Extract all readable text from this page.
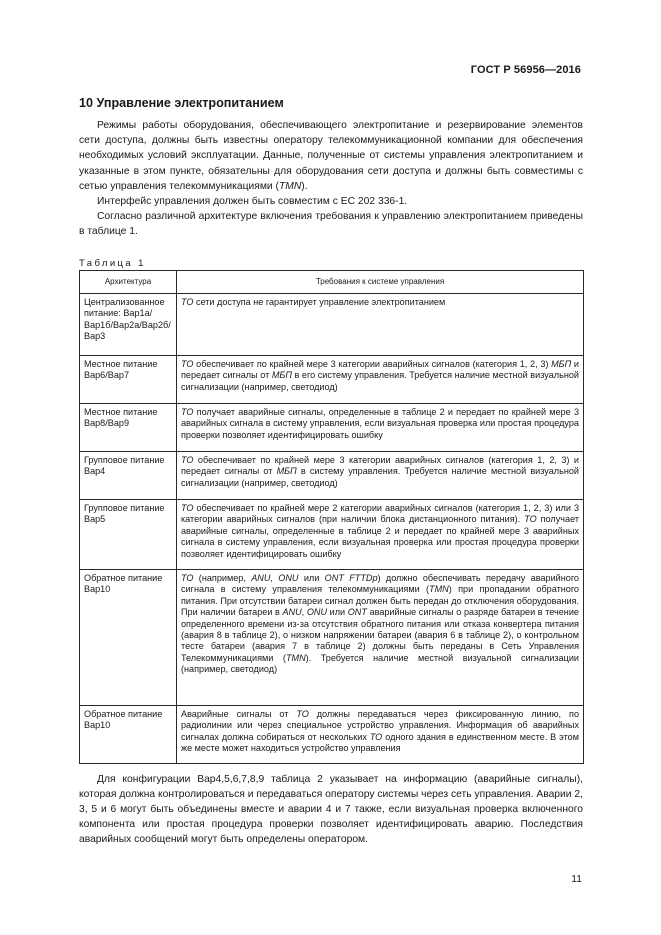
ГОСТ Р 56956—2016
10 Управление электропитанием

Режимы работы оборудования, обеспечивающего электропитание и резервирование элементов сети доступа, должны быть известны оператору телекоммуникационной компании для обеспечения необходимых условий эксплуатации. Данные, полученные от системы управления электропитанием и указанные в этом пункте, обязательны для оборудования сети доступа и должны быть совместимы с сетью управления телекоммуникациями (TMN).

Интерфейс управления должен быть совместим с ЕС 202 336-1.

Согласно различной архитектуре включения требования к управлению электропитанием приведены в таблице 1.

Таблица 1
Архитектура	Требования к системе управления
Централизованное питание: Вар1а/Вар1б/Вар2а/Вар2б/Вар3	ТО сети доступа не гарантирует управление электропитанием
Местное питание Вар6/Вар7	ТО обеспечивает по крайней мере 3 категории аварийных сигналов (категория 1, 2, 3) МБП и передает сигналы от МБП в его систему управления. Требуется наличие местной визуальной сигнализации (например, светодиод)
Местное питание Вар8/Вар9	ТО получает аварийные сигналы, определенные в таблице 2 и передает по крайней мере 3 аварийных сигнала в систему управления, если визуальная проверка или простая процедура проверки позволяет идентифицировать ошибку
Групповое питание Вар4	ТО обеспечивает по крайней мере 3 категории аварийных сигналов (категория 1, 2, 3) и передает сигналы от МБП в систему управления. Требуется наличие местной визуальной сигнализации (например, светодиод)
Групповое питание Вар5	ТО обеспечивает по крайней мере 2 категории аварийных сигналов (категория 1, 2, 3) или 3 категории аварийных сигналов (при наличии блока дистанционного питания). ТО получает аварийные сигналы, определенные в таблице 2 и передает по крайней мере 3 аварийных сигнала в систему управления, если визуальная проверка или простая процедура проверки позволяет идентифицировать ошибку
Обратное питание Вар10	ТО (например, ANU, ONU или ONT FTTDp) должно обеспечивать передачу аварийного сигнала в систему управления телекоммуникациями (TMN) при пропадании обратного питания. При отсутствии батареи сигнал должен быть передан до отключения оборудования. При наличии батареи в ANU, ONU или ONT аварийные сигналы о разряде батареи в течение определенного времени из-за отсутствия обратного питания или отказа конвертера питания (авария 8 в таблице 2), о низком напряжении батареи (авария 6 в таблице 2), о контрольном тесте батареи (авария 7 в таблице 2) должны быть переданы в Сеть Управления Телекоммуникациями (TMN). Требуется наличие местной визуальной сигнализации (например, светодиод)
Обратное питание Вар10	Аварийные сигналы от ТО должны передаваться через фиксированную линию, по радиолинии или через специальное устройство управления. Информация об аварийных сигналах должна собираться от нескольких ТО одного здания в единственном месте. В этом же месте может находиться устройство управления

Для конфигурации Вар4,5,6,7,8,9 таблица 2 указывает на информацию (аварийные сигналы), которая должна контролироваться и передаваться оператору системы через сеть управления. Аварии 2, 3, 5 и 6 могут быть объединены вместе и аварии 4 и 7 также, если визуальная проверка включенного компонента или простая процедура проверки позволяет идентифицировать аварию. Последствия аварийных сообщений могут быть определены оператором.

11
